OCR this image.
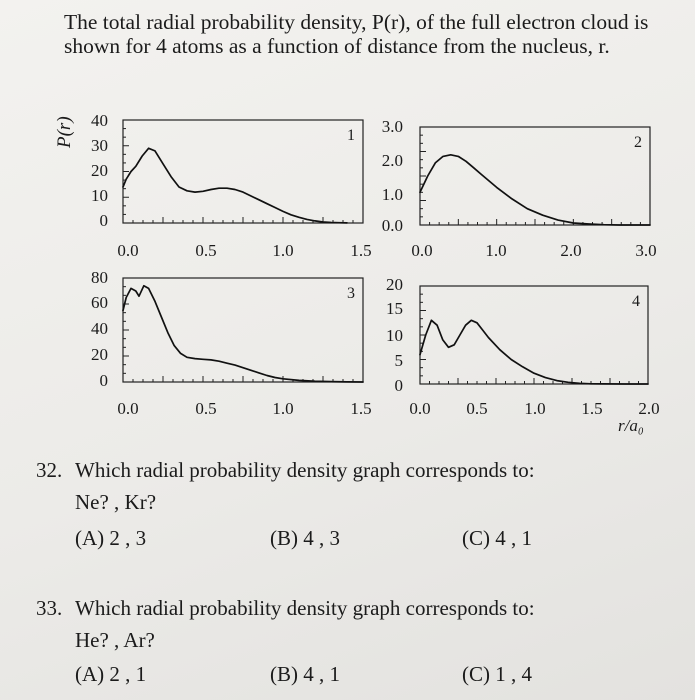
The total radial probability density, P(r), of the full electron cloud is shown for 4 atoms as a function of distance from the nucleus, r.

P(r) 40
30
20
10
0
1
0.0	0.5	1.0	1.5
3.0
2.0
1.0
0.0
2
0.0	1.0	2.0	3.0
80
60
40
20
0
3
0.0	0.5	1.0	1.5
20
15
10
5
0
4
0.0	0.5	1.0	1.5	2.0
r/a₀
32. Which radial probability density graph corresponds to:
Ne? , Kr?
(A) 2 , 3	(B) 4 , 3	(C) 4 , 1
33. Which radial probability density graph corresponds to:
He? , Ar?
(A) 2 , 1	(B) 4 , 1	(C) 1 , 4
